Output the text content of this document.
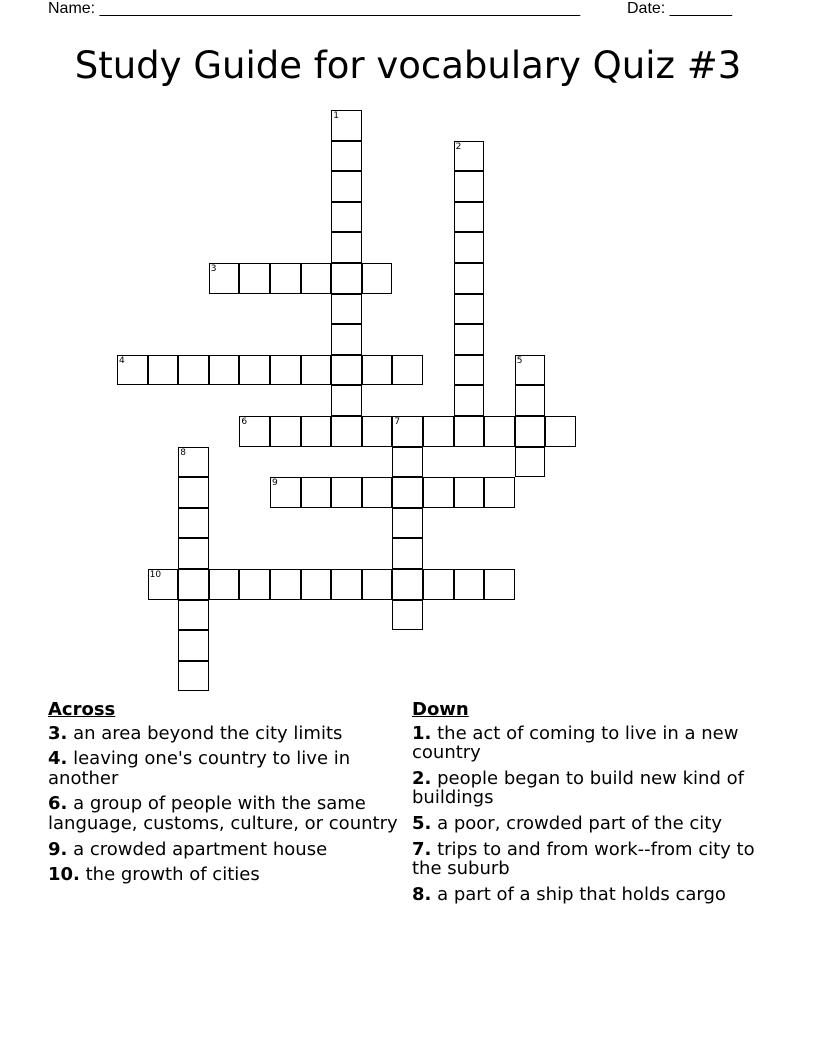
Name: ______________________________________________________	Date: _______
Study Guide for vocabulary Quiz #3
1
2
3
4	5
6	7
8
9
10
Across
3. an area beyond the city limits
4. leaving one's country to live in another
6. a group of people with the same language, customs, culture, or country
9. a crowded apartment house
10. the growth of cities
Down
1. the act of coming to live in a new country
2. people began to build new kind of buildings
5. a poor, crowded part of the city
7. trips to and from work--from city to the suburb
8. a part of a ship that holds cargo
